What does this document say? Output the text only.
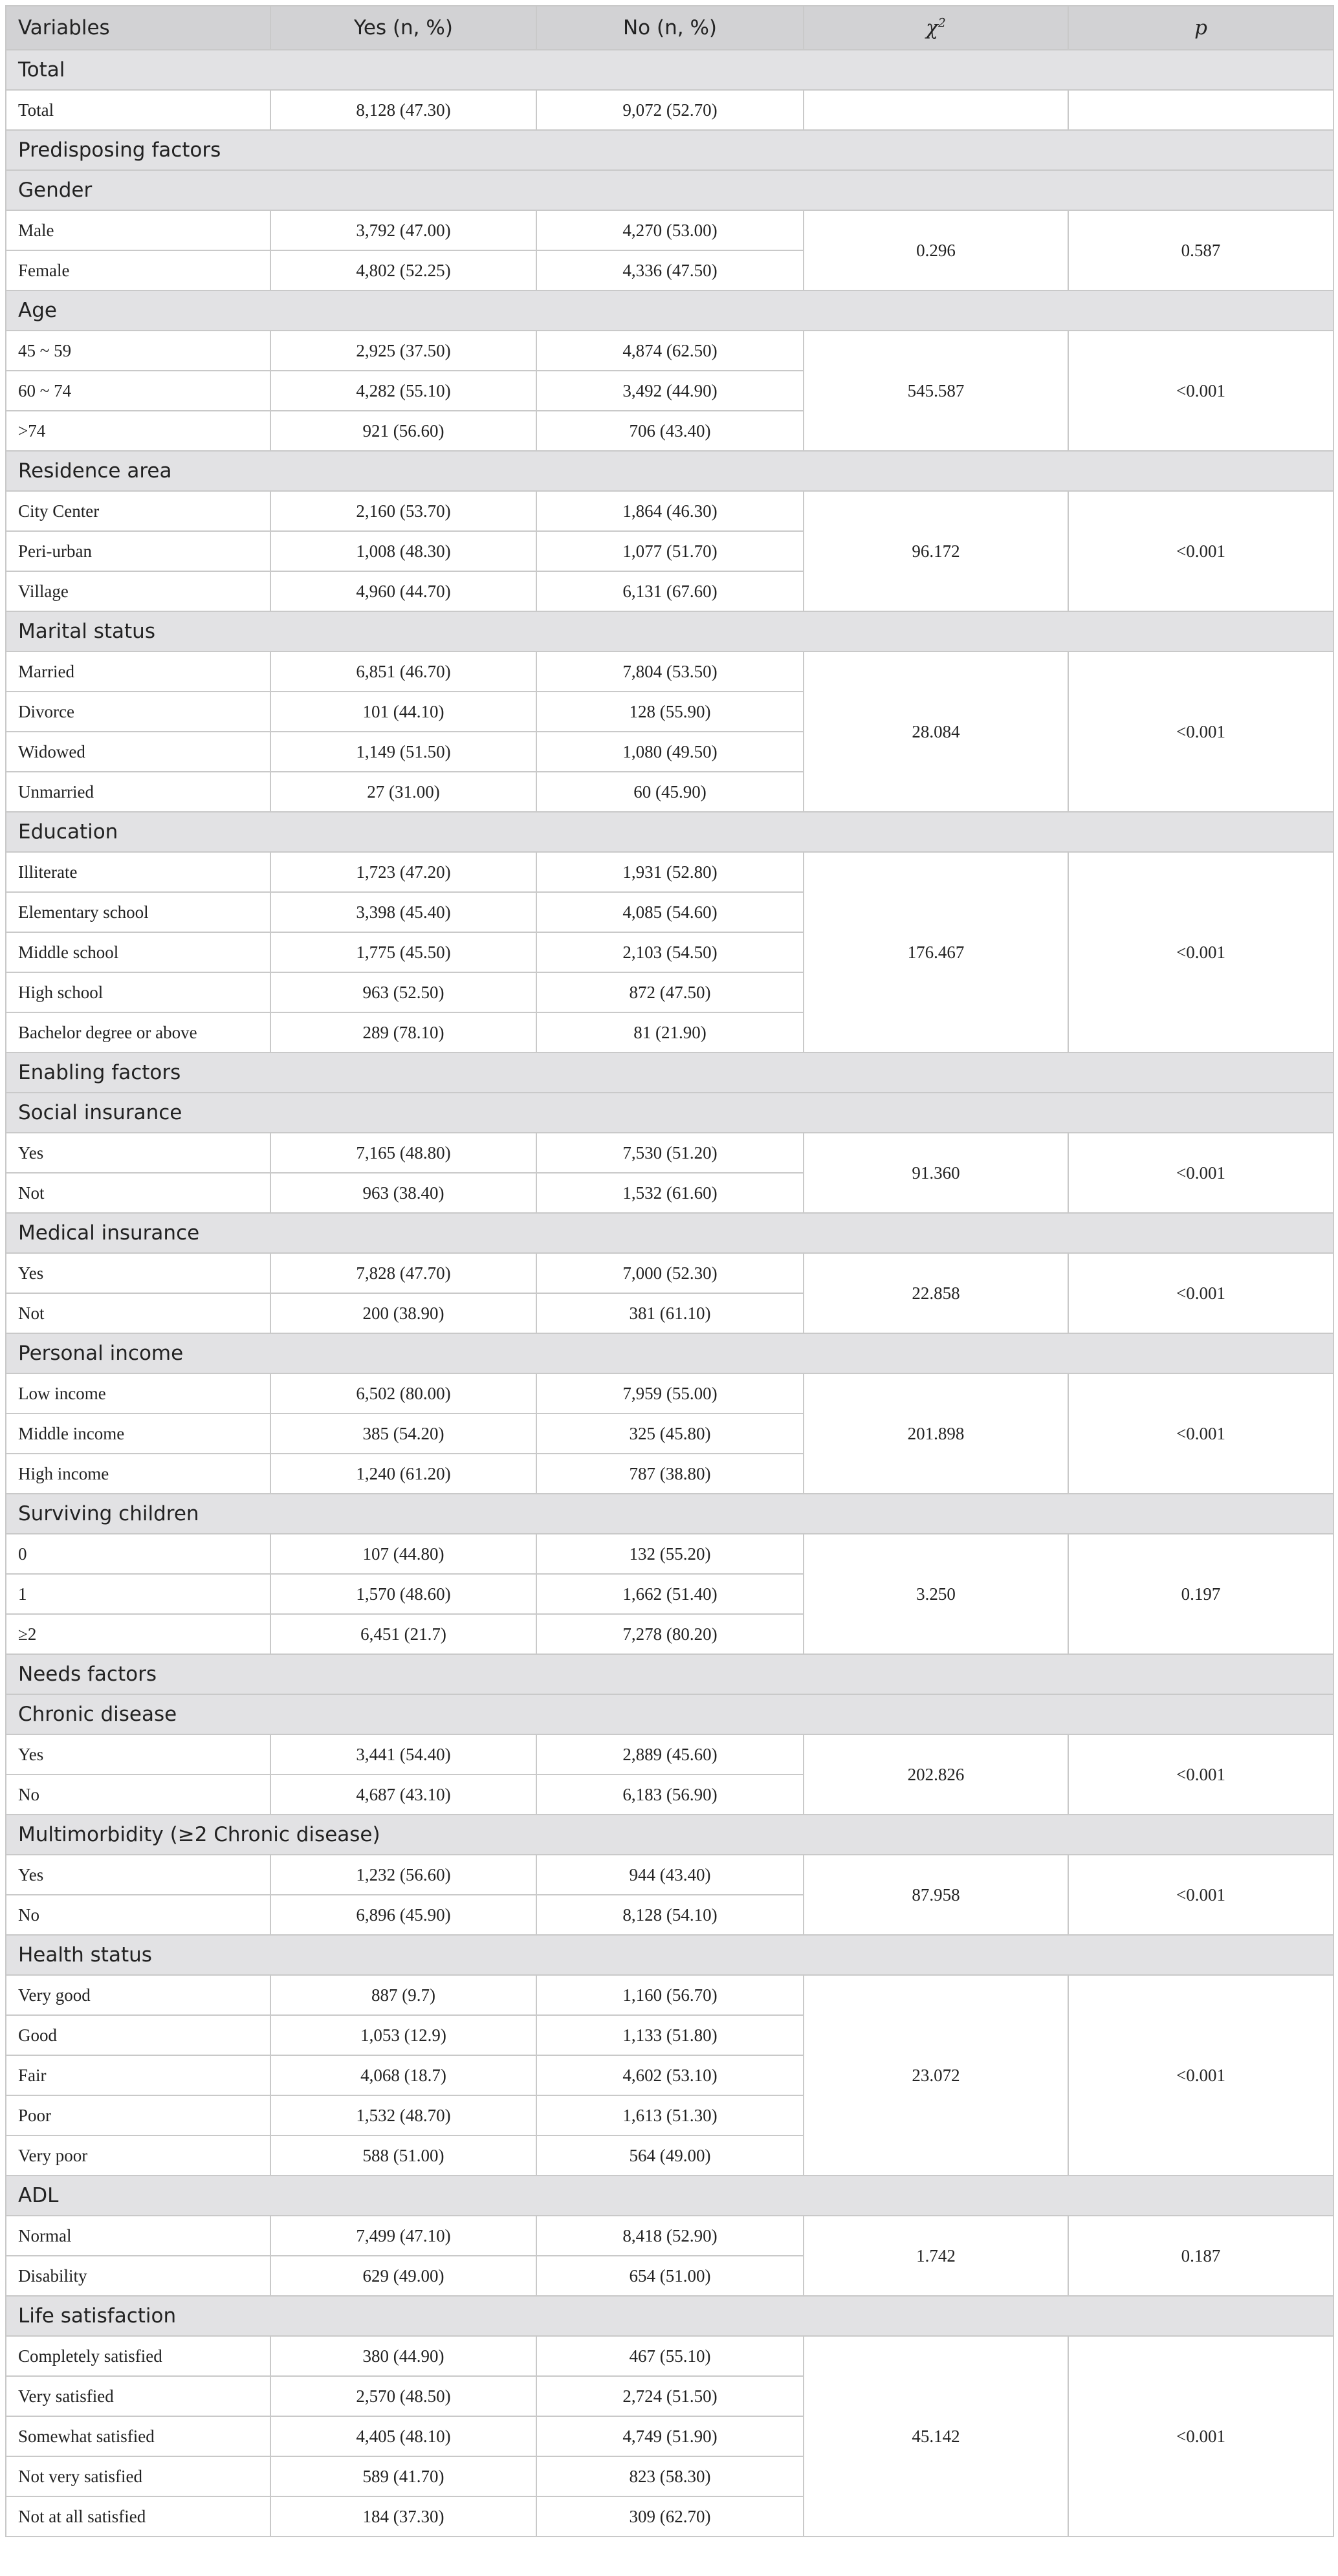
Variables	Yes (n, %)	No (n, %)	$\chi^2$	p
Total				
Total	8,128 (47.30)	9,072 (52.70)		
Predisposing factors				
Gender				
Male	3,792 (47.00)	4,270 (53.00)	0.296	0.587
Female	4,802 (52.25)	4,336 (47.50)		
Age				
45 ~ 59	2,925 (37.50)	4,874 (62.50)	545.587	<0.001
60 ~ 74	4,282 (55.10)	3,492 (44.90)		
>74	921 (56.60)	706 (43.40)		
Residence area				
City Center	2,160 (53.70)	1,864 (46.30)	96.172	<0.001
Peri-urban	1,008 (48.30)	1,077 (51.70)		
Village	4,960 (44.70)	6,131 (67.60)		
Marital status				
Married	6,851 (46.70)	7,804 (53.50)	28.084	<0.001
Divorce	101 (44.10)	128 (55.90)		
Widowed	1,149 (51.50)	1,080 (49.50)		
Unmarried	27 (31.00)	60 (45.90)		
Education				
Illiterate	1,723 (47.20)	1,931 (52.80)	176.467	<0.001
Elementary school	3,398 (45.40)	4,085 (54.60)		
Middle school	1,775 (45.50)	2,103 (54.50)		
High school	963 (52.50)	872 (47.50)		
Bachelor degree or above	289 (78.10)	81 (21.90)		
Enabling factors				
Social insurance				
Yes	7,165 (48.80)	7,530 (51.20)	91.360	<0.001
Not	963 (38.40)	1,532 (61.60)		
Medical insurance				
Yes	7,828 (47.70)	7,000 (52.30)	22.858	<0.001
Not	200 (38.90)	381 (61.10)		
Personal income				
Low income	6,502 (80.00)	7,959 (55.00)	201.898	<0.001
Middle income	385 (54.20)	325 (45.80)		
High income	1,240 (61.20)	787 (38.80)		
Surviving children				
0	107 (44.80)	132 (55.20)	3.250	0.197
1	1,570 (48.60)	1,662 (51.40)		
≥2	6,451 (21.7)	7,278 (80.20)		
Needs factors				
Chronic disease				
Yes	3,441 (54.40)	2,889 (45.60)	202.826	<0.001
No	4,687 (43.10)	6,183 (56.90)		
Multimorbidity (≥2 Chronic disease)				
Yes	1,232 (56.60)	944 (43.40)	87.958	<0.001
No	6,896 (45.90)	8,128 (54.10)		
Health status				
Very good	887 (9.7)	1,160 (56.70)	23.072	<0.001
Good	1,053 (12.9)	1,133 (51.80)		
Fair	4,068 (18.7)	4,602 (53.10)		
Poor	1,532 (48.70)	1,613 (51.30)		
Very poor	588 (51.00)	564 (49.00)		
ADL				
Normal	7,499 (47.10)	8,418 (52.90)	1.742	0.187
Disability	629 (49.00)	654 (51.00)		
Life satisfaction				
Completely satisfied	380 (44.90)	467 (55.10)	45.142	<0.001
Very satisfied	2,570 (48.50)	2,724 (51.50)		
Somewhat satisfied	4,405 (48.10)	4,749 (51.90)		
Not very satisfied	589 (41.70)	823 (58.30)		
Not at all satisfied	184 (37.30)	309 (62.70)		
